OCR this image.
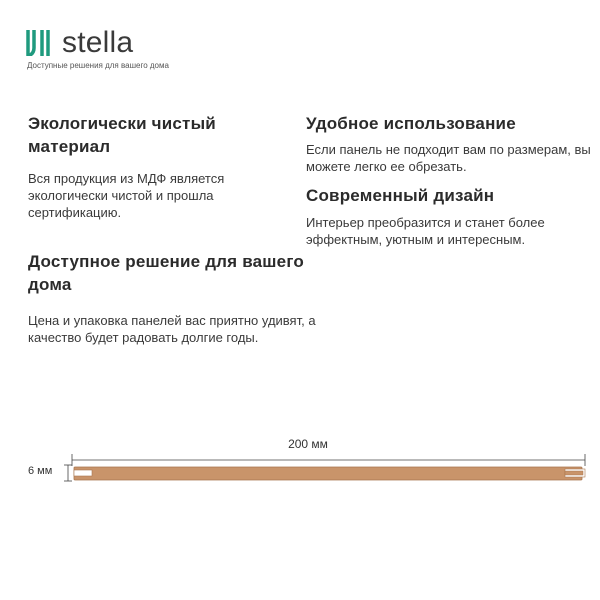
stella
Доступные решения для вашего дома
Экологически чистый материал

Вся продукция из МДФ является экологически чистой и прошла сертификацию.

Удобное использование

Если панель не подходит вам по размерам, вы можете легко ее обрезать.

Современный дизайн

Интерьер преобразится и станет более эффектным, уютным и интересным.

Доступное решение для вашего дома

Цена и упаковка панелей вас приятно удивят, а качество будет радовать долгие годы.

200 мм
6 мм
